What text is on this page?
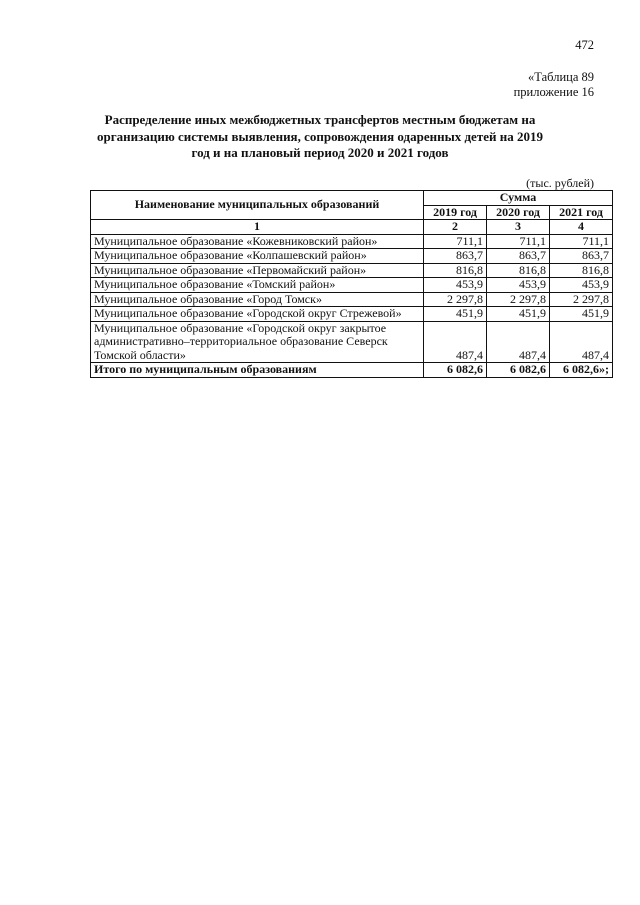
472
«Таблица 89
приложение 16
Распределение иных межбюджетных трансфертов местным бюджетам на организацию системы выявления, сопровождения одаренных детей на 2019 год и на плановый период 2020 и 2021 годов
(тыс. рублей)
Наименование муниципальных образований	Сумма		
	2019 год	2020 год	2021 год
1	2	3	4
Муниципальное образование «Кожевниковский район»	711,1	711,1	711,1
Муниципальное образование «Колпашевский район»	863,7	863,7	863,7
Муниципальное образование «Первомайский район»	816,8	816,8	816,8
Муниципальное образование «Томский район»	453,9	453,9	453,9
Муниципальное образование «Город Томск»	2 297,8	2 297,8	2 297,8
Муниципальное образование «Городской округ Стрежевой»	451,9	451,9	451,9
Муниципальное образование «Городской округ закрытое административно–территориальное образование Северск Томской области»	487,4	487,4	487,4
Итого по муниципальным образованиям	6 082,6	6 082,6	6 082,6»;
